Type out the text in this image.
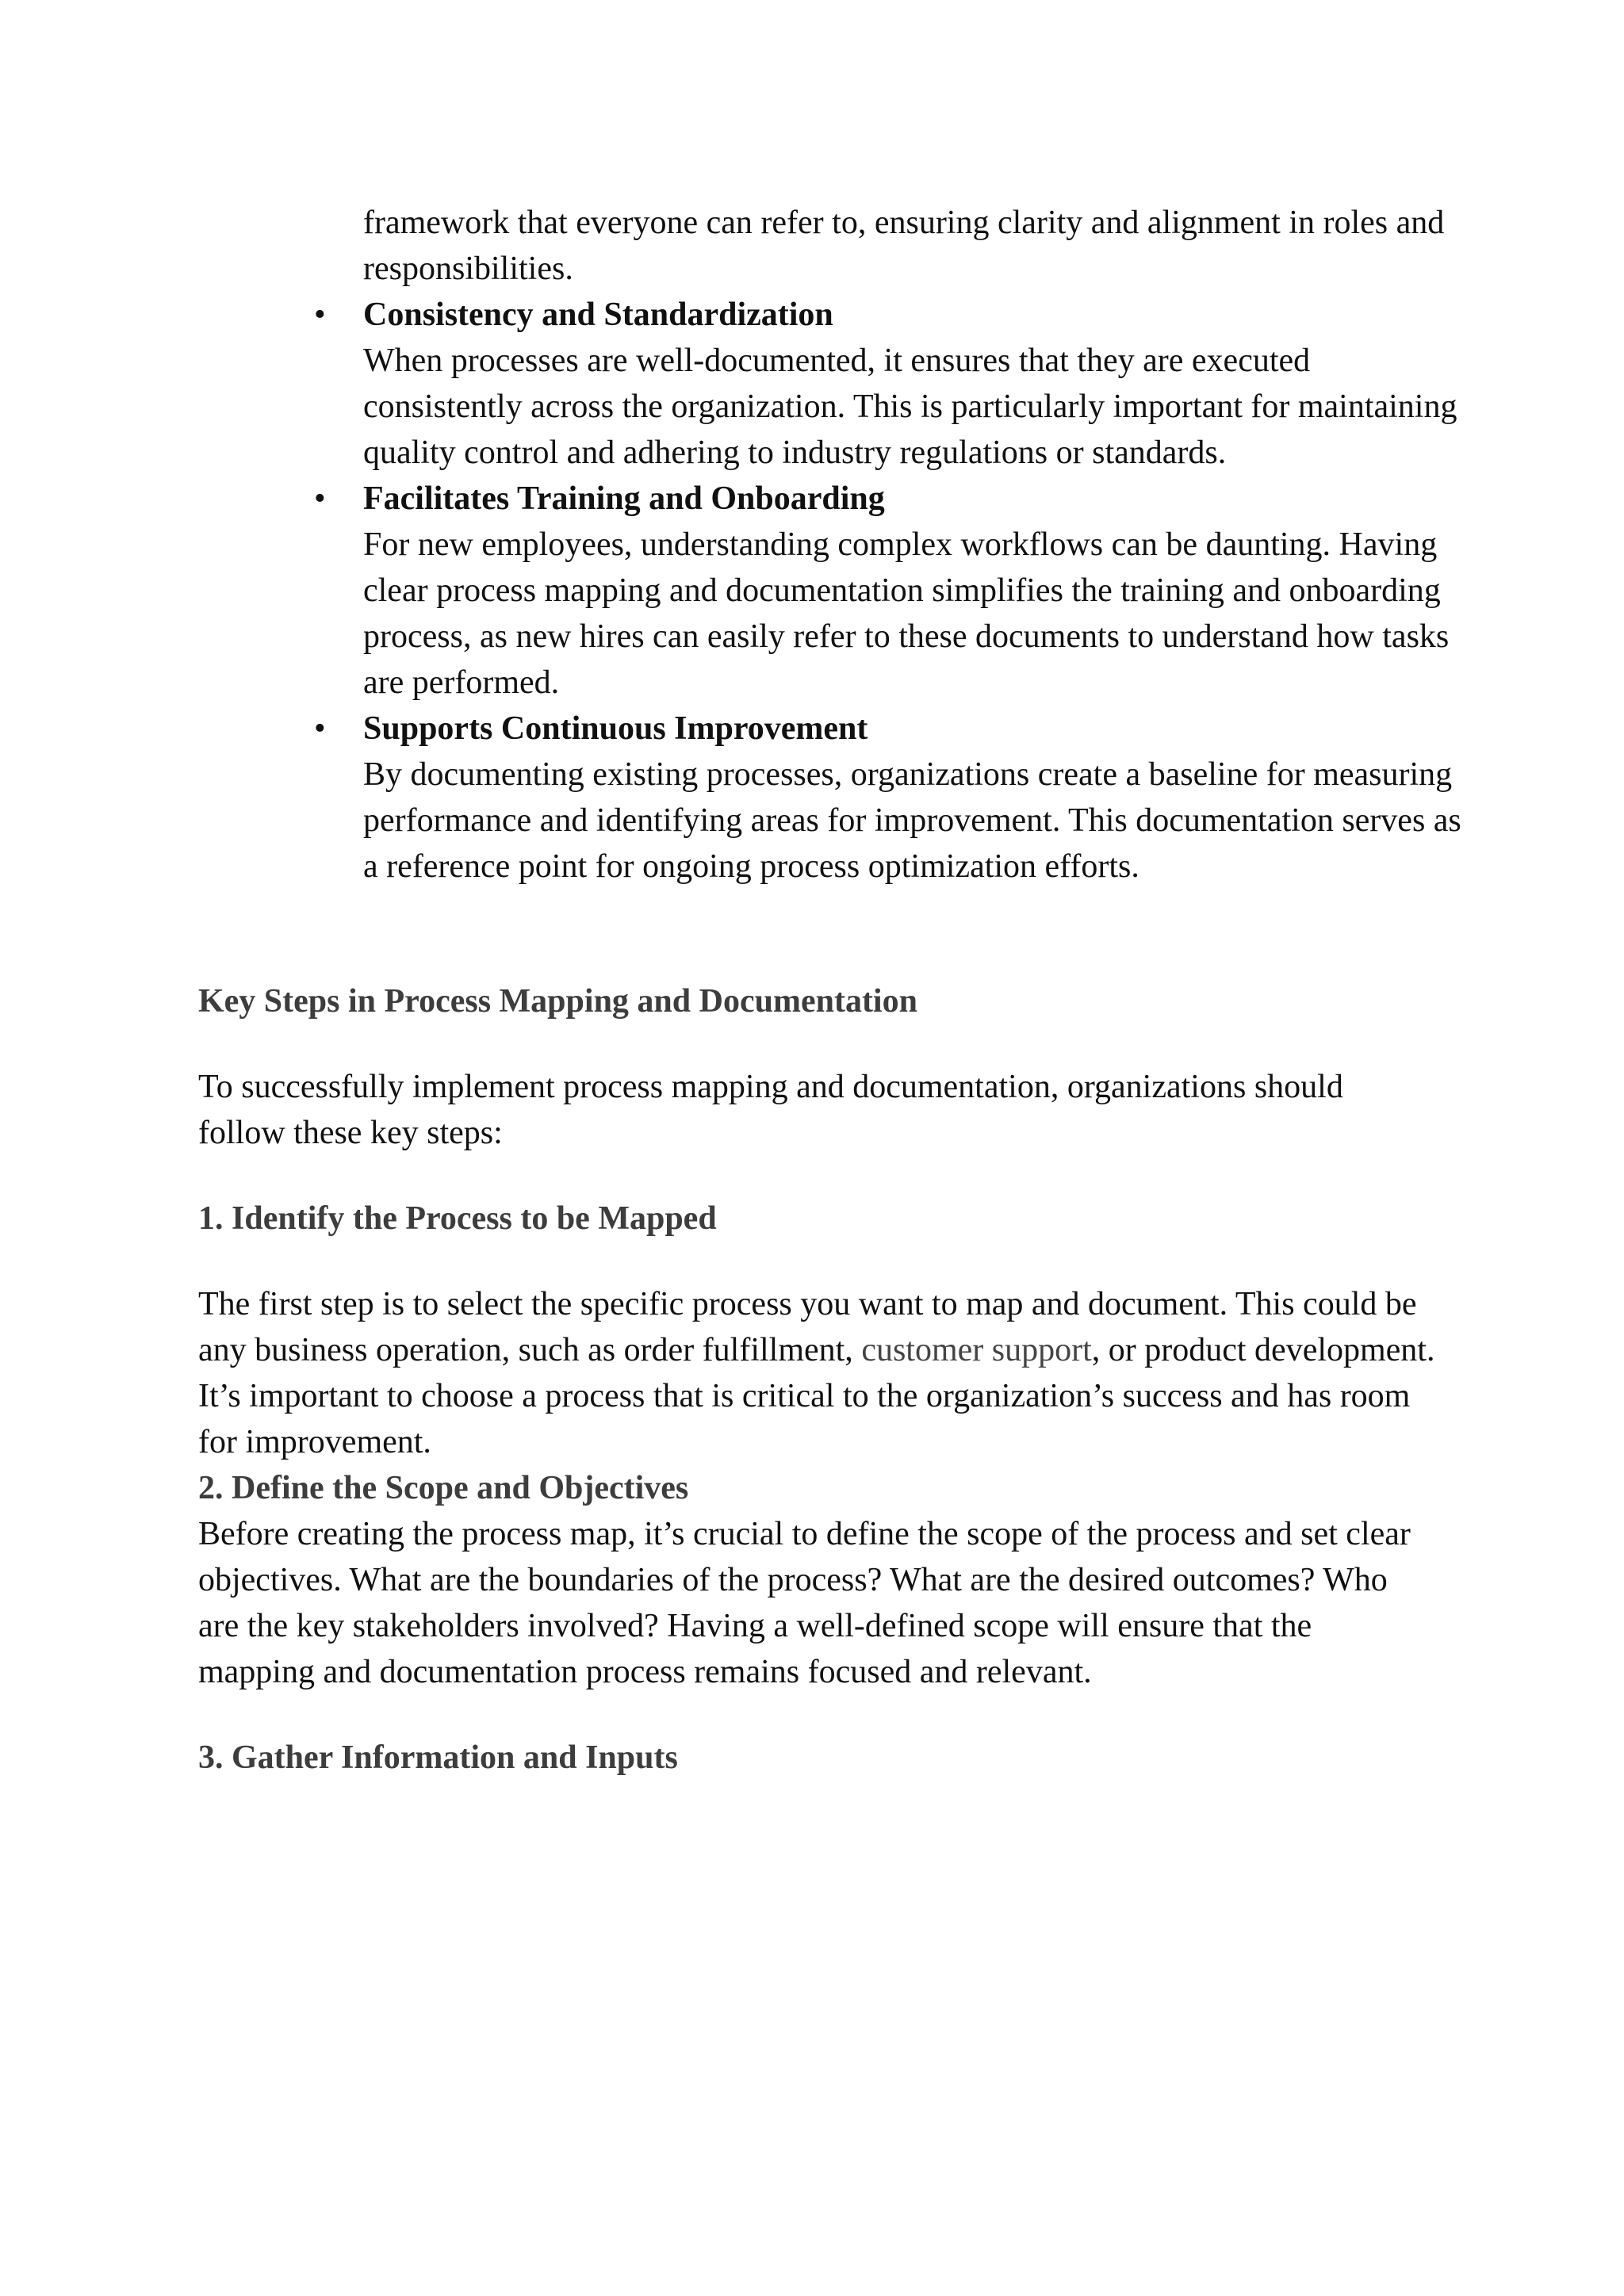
framework that everyone can refer to, ensuring clarity and alignment in roles and responsibilities.
• Consistency and Standardization
When processes are well-documented, it ensures that they are executed consistently across the organization. This is particularly important for maintaining quality control and adhering to industry regulations or standards.
• Facilitates Training and Onboarding
For new employees, understanding complex workflows can be daunting. Having clear process mapping and documentation simplifies the training and onboarding process, as new hires can easily refer to these documents to understand how tasks are performed.
• Supports Continuous Improvement
By documenting existing processes, organizations create a baseline for measuring performance and identifying areas for improvement. This documentation serves as a reference point for ongoing process optimization efforts.
Key Steps in Process Mapping and Documentation

To successfully implement process mapping and documentation, organizations should follow these key steps:

1. Identify the Process to be Mapped

The first step is to select the specific process you want to map and document. This could be any business operation, such as order fulfillment, customer support, or product development. It’s important to choose a process that is critical to the organization’s success and has room for improvement.

2. Define the Scope and Objectives

Before creating the process map, it’s crucial to define the scope of the process and set clear objectives. What are the boundaries of the process? What are the desired outcomes? Who are the key stakeholders involved? Having a well-defined scope will ensure that the mapping and documentation process remains focused and relevant.

3. Gather Information and Inputs
